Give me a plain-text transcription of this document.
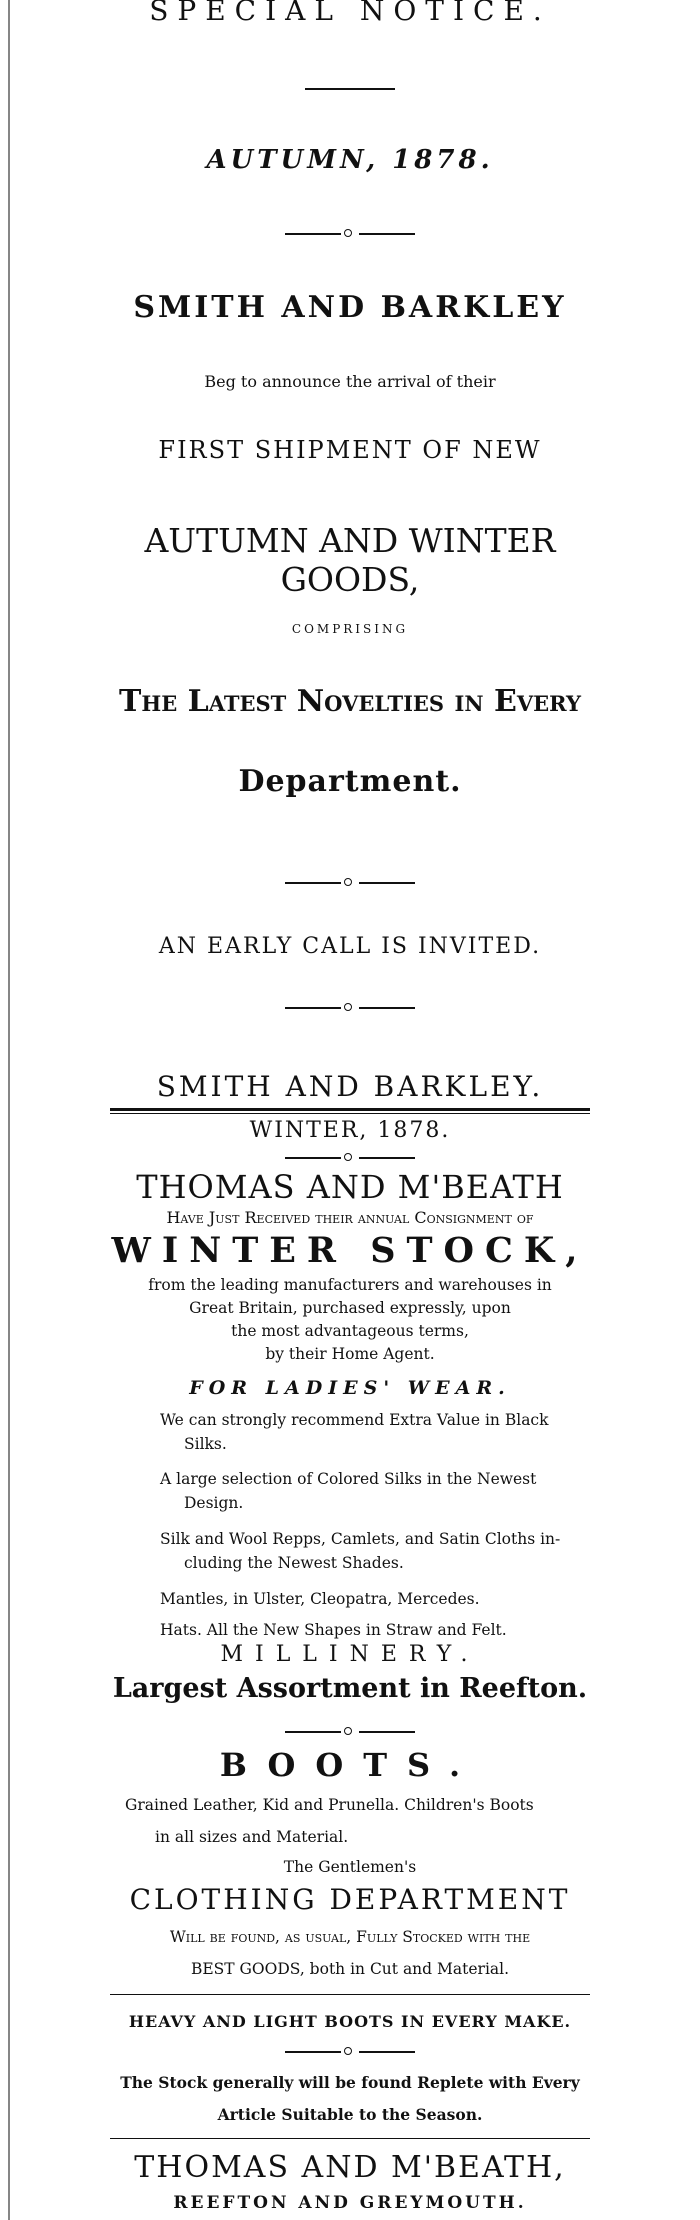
SPECIAL NOTICE.
AUTUMN, 1878.
SMITH AND BARKLEY
Beg to announce the arrival of their
FIRST SHIPMENT OF NEW
AUTUMN AND WINTER GOODS,
COMPRISING
The Latest Novelties in Every
Department.
AN EARLY CALL IS INVITED.
SMITH AND BARKLEY.
WINTER, 1878.
THOMAS AND M'BEATH
Have Just Received their annual Consignment of
WINTER STOCK,
from the leading manufacturers and warehouses in
Great Britain, purchased expressly, upon
the most advantageous terms,
by their Home Agent.
FOR LADIES' WEAR.
We can strongly recommend Extra Value in Black
Silks.
A large selection of Colored Silks in the Newest
Design.
Silk and Wool Repps, Camlets, and Satin Cloths in-
cluding the Newest Shades.
Mantles, in Ulster, Cleopatra, Mercedes.
Hats. All the New Shapes in Straw and Felt.
MILLINERY.
Largest Assortment in Reefton.
BOOTS.
Grained Leather, Kid and Prunella. Children's Boots
in all sizes and Material.
The Gentlemen's
CLOTHING DEPARTMENT
Will be found, as usual, Fully Stocked with the
BEST GOODS, both in Cut and Material.
HEAVY AND LIGHT BOOTS IN EVERY MAKE.
The Stock generally will be found Replete with Every
Article Suitable to the Season.
THOMAS AND M'BEATH,
REEFTON AND GREYMOUTH.
